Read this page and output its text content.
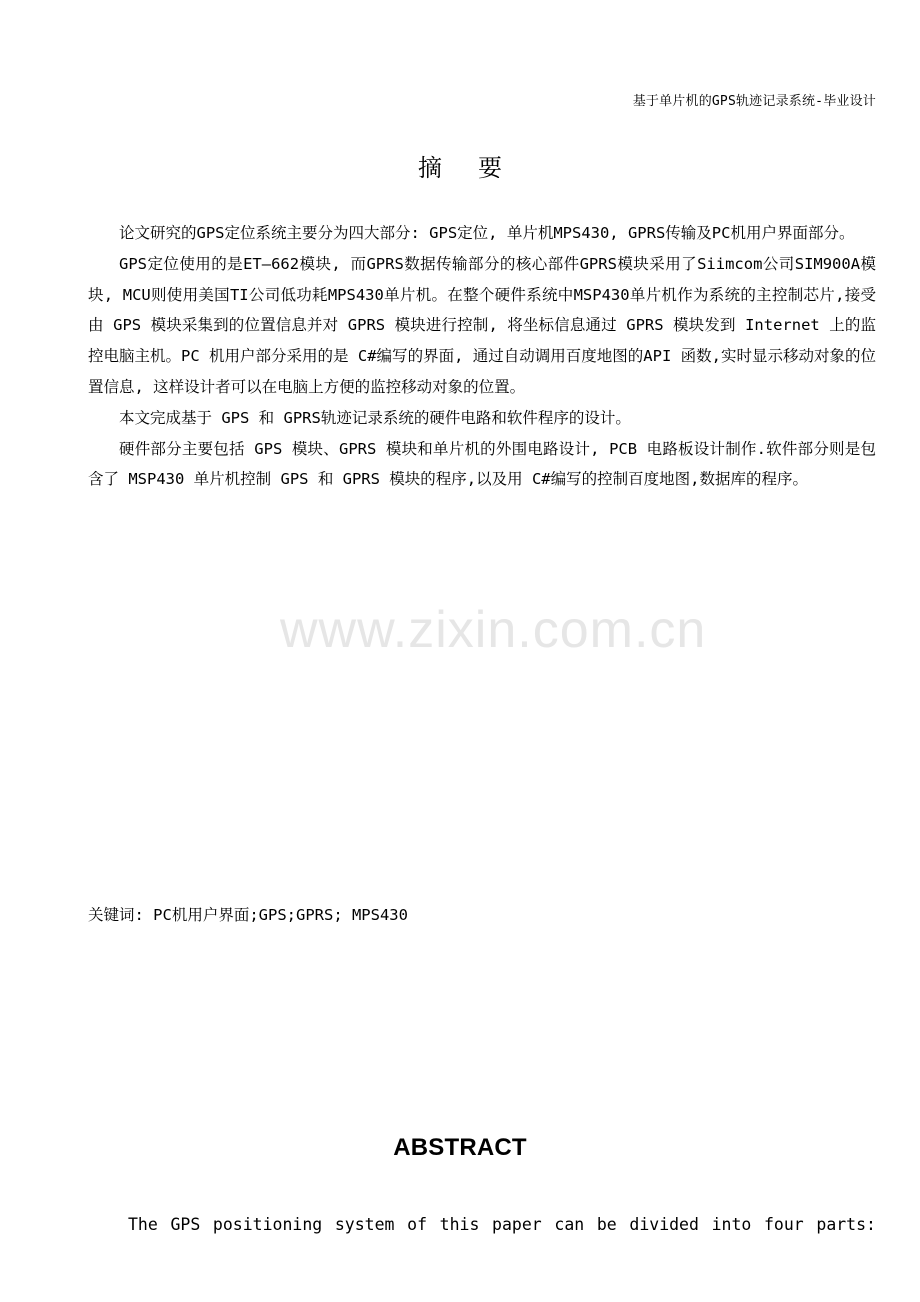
基于单片机的GPS轨迹记录系统-毕业设计
摘要
www.zixin.com.cn

论文研究的GPS定位系统主要分为四大部分: GPS定位, 单片机MPS430, GPRS传输及PC机用户界面部分。

GPS定位使用的是ET—662模块, 而GPRS数据传输部分的核心部件GPRS模块采用了Siimcom公司SIM900A模块, MCU则使用美国TI公司低功耗MPS430单片机。在整个硬件系统中MSP430单片机作为系统的主控制芯片,接受由 GPS 模块采集到的位置信息并对 GPRS 模块进行控制, 将坐标信息通过 GPRS 模块发到 Internet 上的监控电脑主机。PC 机用户部分采用的是 C#编写的界面, 通过自动调用百度地图的API 函数,实时显示移动对象的位置信息, 这样设计者可以在电脑上方便的监控移动对象的位置。

本文完成基于 GPS 和 GPRS轨迹记录系统的硬件电路和软件程序的设计。

硬件部分主要包括 GPS 模块、GPRS 模块和单片机的外围电路设计, PCB 电路板设计制作.软件部分则是包含了 MSP430 单片机控制 GPS 和 GPRS 模块的程序,以及用 C#编写的控制百度地图,数据库的程序。

关键词: PC机用户界面;GPS;GPRS; MPS430
ABSTRACT

The GPS positioning system of this paper can be divided into four parts:
